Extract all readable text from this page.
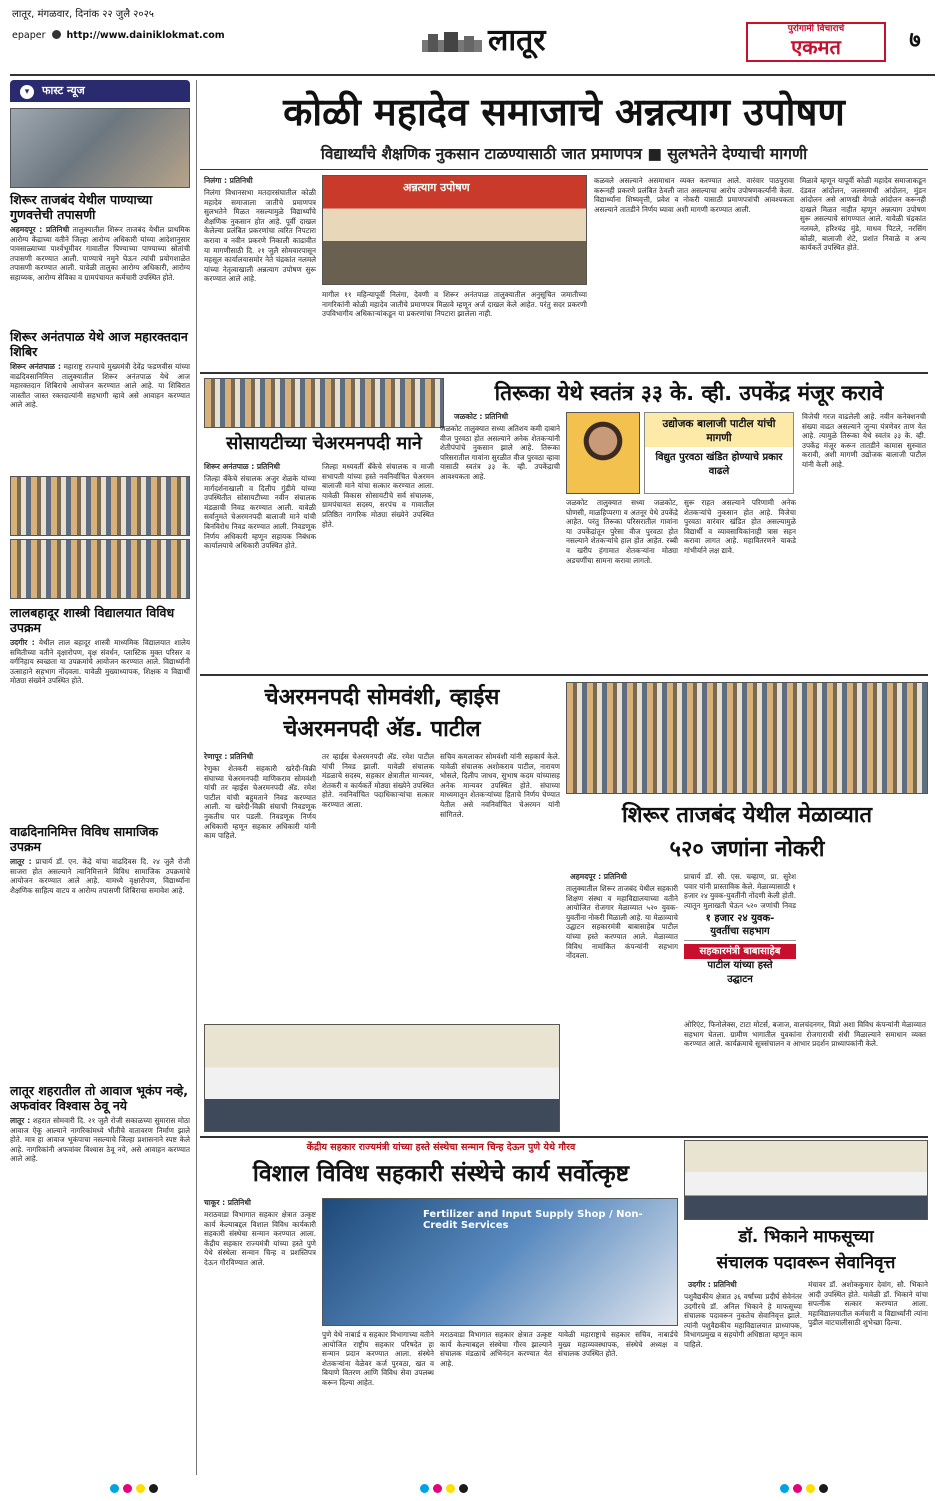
लातूर, मंगळवार, दिनांक २२ जुलै २०२५
epaper http://www.dainiklokmat.com	लातूर	पुरोगामी विचाराचे
एकमत	७
▾ फास्ट न्यूज
शिरूर ताजबंद येथील पाण्याच्या गुणवत्तेची तपासणी
अहमदपूर : प्रतिनिधी तालुक्यातील शिरूर ताजबंद येथील प्राथमिक आरोग्य केंद्राच्या वतीने जिल्हा आरोग्य अधिकारी यांच्या आदेशानुसार पावसाळ्याच्या पार्श्वभूमीवर गावातील पिण्याच्या पाण्याच्या स्रोतांची तपासणी करण्यात आली. पाण्याचे नमुने घेऊन त्यांची प्रयोगशाळेत तपासणी करण्यात आली. यावेळी तालुका आरोग्य अधिकारी, आरोग्य सहाय्यक, आरोग्य सेविका व ग्रामपंचायत कर्मचारी उपस्थित होते.
शिरूर अनंतपाळ येथे आज महारक्तदान शिबिर
शिरूर अनंतपाळ : महाराष्ट्र राज्याचे मुख्यमंत्री देवेंद्र फडणवीस यांच्या वाढदिवसानिमित्त तालुक्यातील शिरूर अनंतपाळ येथे आज महारक्तदान शिबिराचे आयोजन करण्यात आले आहे. या शिबिरात जास्तीत जास्त रक्तदात्यांनी सहभागी व्हावे असे आवाहन करण्यात आले आहे.
लालबहादूर शास्त्री विद्यालयात विविध उपक्रम
उदगीर : येथील लाल बहादूर शास्त्री माध्यमिक विद्यालयात शालेय समितीच्या वतीने वृक्षारोपण, वृक्ष संवर्धन, प्लास्टिक मुक्त परिसर व वर्गनिहाय स्वच्छता या उपक्रमांचे आयोजन करण्यात आले. विद्यार्थ्यांनी उत्साहाने सहभाग नोंदवला. यावेळी मुख्याध्यापक, शिक्षक व विद्यार्थी मोठ्या संख्येने उपस्थित होते.
वाढदिनानिमित्त विविध सामाजिक उपक्रम
लातूर : प्राचार्य डॉ. एन. केंद्रे यांचा वाढदिवस दि. २४ जुलै रोजी साजरा होत असल्याने त्यानिमित्ताने विविध सामाजिक उपक्रमांचे आयोजन करण्यात आले आहे. यामध्ये वृक्षारोपण, विद्यार्थ्यांना शैक्षणिक साहित्य वाटप व आरोग्य तपासणी शिबिराचा समावेश आहे.
लातूर शहरातील तो आवाज भूकंप नव्हे, अफवांवर विश्वास ठेवू नये
लातूर : शहरात सोमवारी दि. २१ जुलै रोजी सकाळच्या सुमारास मोठा आवाज ऐकू आल्याने नागरिकांमध्ये भीतीचे वातावरण निर्माण झाले होते. मात्र हा आवाज भूकंपाचा नसल्याचे जिल्हा प्रशासनाने स्पष्ट केले आहे. नागरिकांनी अफवांवर विश्वास ठेवू नये, असे आवाहन करण्यात आले आहे.
कोळी महादेव समाजाचे अन्नत्याग उपोषण
विद्यार्थ्यांचे शैक्षणिक नुकसान टाळण्यासाठी जात प्रमाणपत्र ■ सुलभतेने देण्याची मागणी
निलंगा : प्रतिनिधी
निलंगा विधानसभा मतदारसंघातील कोळी महादेव समाजाला जातीचे प्रमाणपत्र सुलभतेने मिळत नसल्यामुळे विद्यार्थ्यांचे शैक्षणिक नुकसान होत आहे. पूर्वी दाखल केलेल्या प्रलंबित प्रकरणांचा त्वरित निपटारा करावा व नवीन प्रकरणे निकाली काढावीत या मागणीसाठी दि. २१ जुलै सोमवारपासून महसूल कार्यालयासमोर नेते चंद्रकांत नलमले यांच्या नेतृत्वाखाली अन्नत्याग उपोषण सुरू करण्यात आले आहे.
अन्नत्याग उपोषण
मागील ११ महिन्यापूर्वी निलंगा, देवणी व शिरूर अनंतपाळ तालुक्यातील अनुसूचित जमातीच्या नागरिकांनी कोळी महादेव जातीचे प्रमाणपत्र मिळावे म्हणून अर्ज दाखल केले आहेत. परंतु सदर प्रकरणी उपविभागीय अधिकाऱ्यांकडून या प्रकरणांचा निपटारा झालेला नाही.
कळवले असल्याने असमाधान व्यक्त करण्यात आले. वारंवार पाठपुरावा करूनही प्रकरणे प्रलंबित ठेवली जात असल्याचा आरोप उपोषणकर्त्यांनी केला. विद्यार्थ्यांना शिष्यवृत्ती, प्रवेश व नोकरी यासाठी प्रमाणपत्रांची आवश्यकता असल्याने तातडीने निर्णय घ्यावा अशी मागणी करण्यात आली.
मिळावे म्हणून यापूर्वी कोळी महादेव समाजाकडून दंडवत आंदोलन, जलसमाधी आंदोलन, मुंडन आंदोलन असे आणखी वेगळे आंदोलन करूनही दाखले मिळत नाहीत म्हणून अन्नत्याग उपोषण सुरू असल्याचे सांगण्यात आले. यावेळी चंद्रकांत नलमले, हरिश्चंद्र मुंडे, माधव पिटले, नरसिंग कोळी, बालाजी शेटे, प्रशांत निवाळे व अन्य कार्यकर्ते उपस्थित होते.
सोसायटीच्या चेअरमनपदी माने
शिरूर अनंतपाळ : प्रतिनिधी
जिल्हा बँकेचे संचालक अजुर शेळके यांच्या मार्गदर्शनाखाली व दिलीप गुंडीमे यांच्या उपस्थितीत सोसायटीच्या नवीन संचालक मंडळाची निवड करण्यात आली. यावेळी सर्वानुमते चेअरमनपदी बालाजी माने यांची बिनविरोध निवड करण्यात आली. निवडणूक निर्णय अधिकारी म्हणून सहायक निबंधक कार्यालयाचे अधिकारी उपस्थित होते.
जिल्हा मध्यवर्ती बँकेचे संचालक व माजी सभापती यांच्या हस्ते नवनिर्वाचित चेअरमन बालाजी माने यांचा सत्कार करण्यात आला. यावेळी विकास सोसायटीचे सर्व संचालक, ग्रामपंचायत सदस्य, सरपंच व गावातील प्रतिष्ठित नागरिक मोठ्या संख्येने उपस्थित होते.
तिरूका येथे स्वतंत्र ३३ के. व्ही. उपकेंद्र मंजूर करावे
जळकोट : प्रतिनिधी
जळकोट तालुक्यात सध्या अतिशय कमी दाबाने वीज पुरवठा होत असल्याने अनेक शेतकऱ्यांनी शेतीपंपांचे नुकसान झाले आहे. तिरूका परिसरातील गावांना सुरळीत वीज पुरवठा व्हावा यासाठी स्वतंत्र ३३ के. व्ही. उपकेंद्राची आवश्यकता आहे.
उद्योजक बालाजी पाटील यांची मागणी
विद्युत पुरवठा खंडित होण्याचे प्रकार वाढले
जळकोट तालुक्यात सध्या जळकोट, घोणसी, माळहिप्परगा व अतनूर येथे उपकेंद्रे आहेत. परंतु तिरूका परिसरातील गावांना या उपकेंद्रांतून पुरेसा वीज पुरवठा होत नसल्याने शेतकऱ्यांचे हाल होत आहेत. रब्बी व खरीप हंगामात शेतकऱ्यांना मोठ्या अडचणींचा सामना करावा लागतो.
सुरू राहत असल्याने परिणामी अनेक शेतकऱ्यांचे नुकसान होत आहे. विजेचा पुरवठा वारंवार खंडित होत असल्यामुळे विद्यार्थी व व्यावसायिकांनाही त्रास सहन करावा लागत आहे. महावितरणने याकडे गांभीर्याने लक्ष द्यावे.
विजेची गरज वाढलेली आहे. नवीन कनेक्शनची संख्या वाढत असल्याने जुन्या यंत्रणेवर ताण येत आहे. त्यामुळे तिरूका येथे स्वतंत्र ३३ के. व्ही. उपकेंद्र मंजूर करून तातडीने कामास सुरुवात करावी, अशी मागणी उद्योजक बालाजी पाटील यांनी केली आहे.
चेअरमनपदी सोमवंशी, व्हाईस
चेअरमनपदी अ‍ॅड. पाटील
रेणापूर : प्रतिनिधी
रेणुका शेतकरी सहकारी खरेदी-विक्री संघाच्या चेअरमनपदी माणिकराव सोमवंशी यांची तर व्हाईस चेअरमनपदी अ‍ॅड. रमेश पाटील यांची बहुमताने निवड करण्यात आली. या खरेदी-विक्री संघाची निवडणूक नुकतीच पार पडली. निवडणूक निर्णय अधिकारी म्हणून सहकार अधिकारी यांनी काम पाहिले.
तर व्हाईस चेअरमनपदी अ‍ॅड. रमेश पाटील यांची निवड झाली. यावेळी संचालक मंडळाचे सदस्य, सहकार क्षेत्रातील मान्यवर, शेतकरी व कार्यकर्ते मोठ्या संख्येने उपस्थित होते. नवनिर्वाचित पदाधिकाऱ्यांचा सत्कार करण्यात आला.
सचिव कमलाकर सोमवंशी यांनी सहकार्य केले. यावेळी संचालक अशोकराव पाटील, नारायण भोसले, दिलीप जाधव, सुभाष कदम यांच्यासह अनेक मान्यवर उपस्थित होते. संघाच्या माध्यमातून शेतकऱ्यांच्या हिताचे निर्णय घेण्यात येतील असे नवनिर्वाचित चेअरमन यांनी सांगितले.	शिरूर ताजबंद येथील मेळाव्यात
५२० जणांना नोकरी
अहमदपूर : प्रतिनिधी
तालुक्यातील शिरूर ताजबंद येथील सहकारी शिक्षण संस्था व महाविद्यालयाच्या वतीने आयोजित रोजगार मेळाव्यात ५२० युवक-युवतींना नोकरी मिळाली आहे. या मेळाव्याचे उद्घाटन सहकारमंत्री बाबासाहेब पाटील यांच्या हस्ते करण्यात आले. मेळाव्यात विविध नामांकित कंपन्यांनी सहभाग नोंदवला.
प्राचार्य डॉ. सी. एस. चव्हाण, प्रा. सुरेश पवार यांनी प्रास्ताविक केले. मेळाव्यासाठी १ हजार २४ युवक-युवतींनी नोंदणी केली होती. त्यातून मुलाखती घेऊन ५२० जणांची निवड
१ हजार २४ युवक-
युवतींचा सहभाग
सहकारमंत्री बाबासाहेब
पाटील यांच्या हस्ते
उद्घाटन
ओरिएंट, फिनोलेक्स, टाटा मोटर्स, बजाज, वालचंदनगर, विप्रो अशा विविध कंपन्यांनी मेळाव्यात सहभाग घेतला. ग्रामीण भागातील युवकांना रोजगाराची संधी मिळाल्याने समाधान व्यक्त करण्यात आले. कार्यक्रमाचे सूत्रसंचालन व आभार प्रदर्शन प्राध्यापकांनी केले.
केंद्रीय सहकार राज्यमंत्री यांच्या हस्ते संस्थेचा सन्मान चिन्ह देऊन पुणे येथे गौरव
विशाल विविध सहकारी संस्थेचे कार्य सर्वोत्कृष्ट
चाकूर : प्रतिनिधी
मराठवाडा विभागात सहकार क्षेत्रात उत्कृष्ट कार्य केल्याबद्दल विशाल विविध कार्यकारी सहकारी संस्थेचा सन्मान करण्यात आला. केंद्रीय सहकार राज्यमंत्री यांच्या हस्ते पुणे येथे संस्थेला सन्मान चिन्ह व प्रशस्तिपत्र देऊन गौरविण्यात आले.
Fertilizer and Input Supply Shop / Non-Credit Services
पुणे येथे नाबार्ड व सहकार विभागाच्या वतीने आयोजित राष्ट्रीय सहकार परिषदेत हा सन्मान प्रदान करण्यात आला. संस्थेने शेतकऱ्यांना वेळेवर कर्ज पुरवठा, खत व बियाणे वितरण आणि विविध सेवा उपलब्ध करून दिल्या आहेत.
मराठवाडा विभागात सहकार क्षेत्रात उत्कृष्ट कार्य केल्याबद्दल संस्थेचा गौरव झाल्याने संचालक मंडळाचे अभिनंदन करण्यात येत आहे.
यावेळी महाराष्ट्राचे सहकार सचिव, नाबार्डचे मुख्य महाव्यवस्थापक, संस्थेचे अध्यक्ष व संचालक उपस्थित होते.
डॉ. भिकाने माफसूच्या
संचालक पदावरून सेवानिवृत्त
उदगीर : प्रतिनिधी
पशुवैद्यकीय क्षेत्रात ३६ वर्षांच्या प्रदीर्घ सेवेनंतर उदगीरचे डॉ. अनिल भिकाने हे माफसूच्या संचालक पदावरून नुकतेच सेवानिवृत्त झाले. त्यांनी पशुवैद्यकीय महाविद्यालयात प्राध्यापक, विभागप्रमुख व सहयोगी अधिष्ठाता म्हणून काम पाहिले.
मंचावर डॉ. अशोककुमार देवांग, सौ. भिकाने आदी उपस्थित होते. यावेळी डॉ. भिकाने यांचा सपत्नीक सत्कार करण्यात आला. महाविद्यालयातील कर्मचारी व विद्यार्थ्यांनी त्यांना पुढील वाटचालीसाठी शुभेच्छा दिल्या.
